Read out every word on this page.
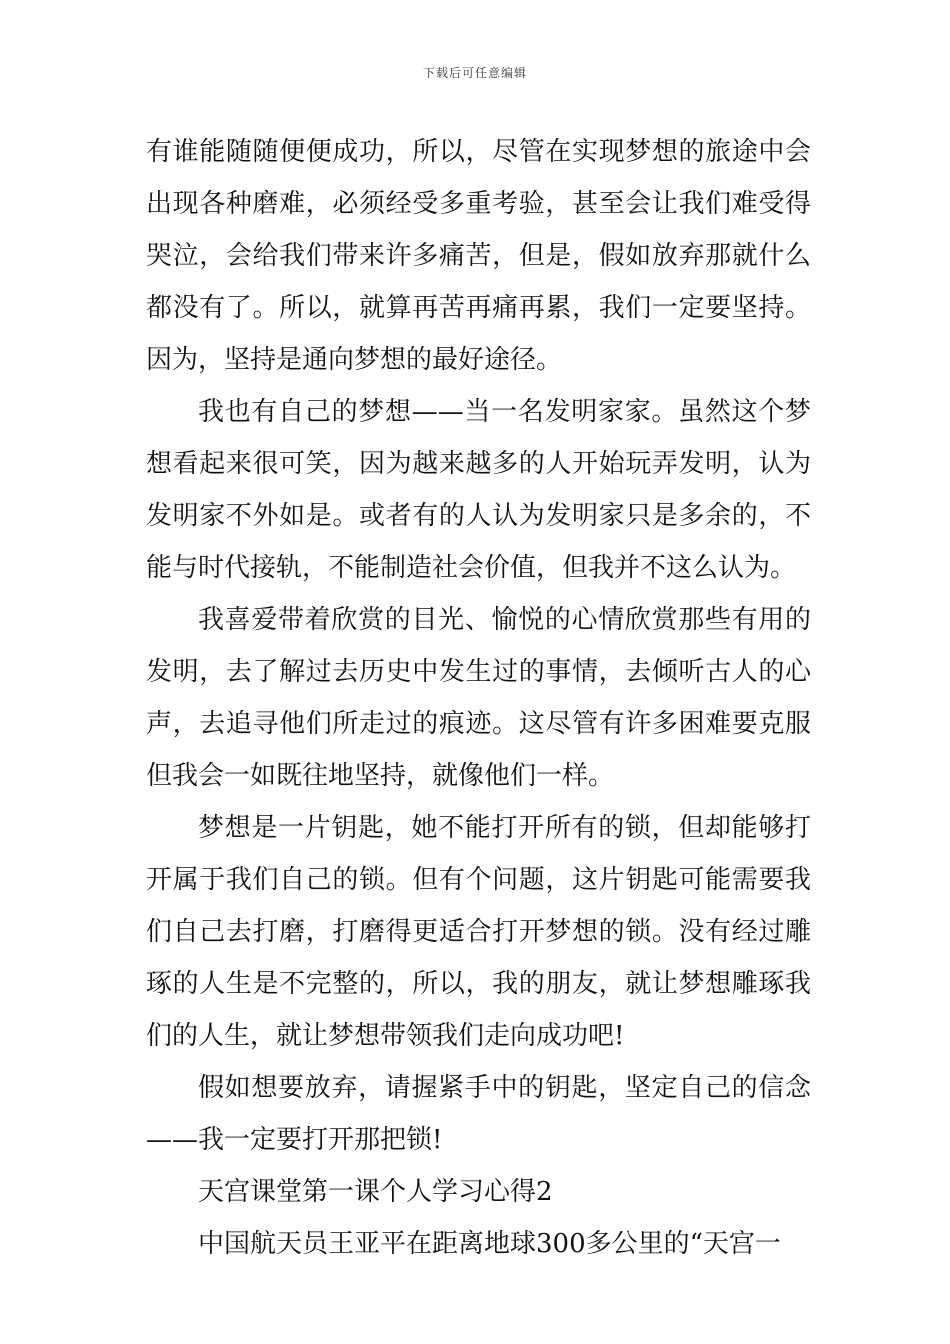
下载后可任意编辑

有谁能随随便便成功，所以，尽管在实现梦想的旅途中会出现各种磨难，必须经受多重考验，甚至会让我们难受得哭泣，会给我们带来许多痛苦，但是，假如放弃那就什么都没有了。所以，就算再苦再痛再累，我们一定要坚持。因为，坚持是通向梦想的最好途径。

我也有自己的梦想——当一名发明家家。虽然这个梦想看起来很可笑，因为越来越多的人开始玩弄发明，认为发明家不外如是。或者有的人认为发明家只是多余的，不能与时代接轨，不能制造社会价值，但我并不这么认为。

我喜爱带着欣赏的目光、愉悦的心情欣赏那些有用的发明，去了解过去历史中发生过的事情，去倾听古人的心声，去追寻他们所走过的痕迹。这尽管有许多困难要克服但我会一如既往地坚持，就像他们一样。

梦想是一片钥匙，她不能打开所有的锁，但却能够打开属于我们自己的锁。但有个问题，这片钥匙可能需要我们自己去打磨，打磨得更适合打开梦想的锁。没有经过雕琢的人生是不完整的，所以，我的朋友，就让梦想雕琢我们的人生，就让梦想带领我们走向成功吧!

假如想要放弃，请握紧手中的钥匙，坚定自己的信念——我一定要打开那把锁!

天宫课堂第一课个人学习心得2

中国航天员王亚平在距离地球300多公里的“天宫一
